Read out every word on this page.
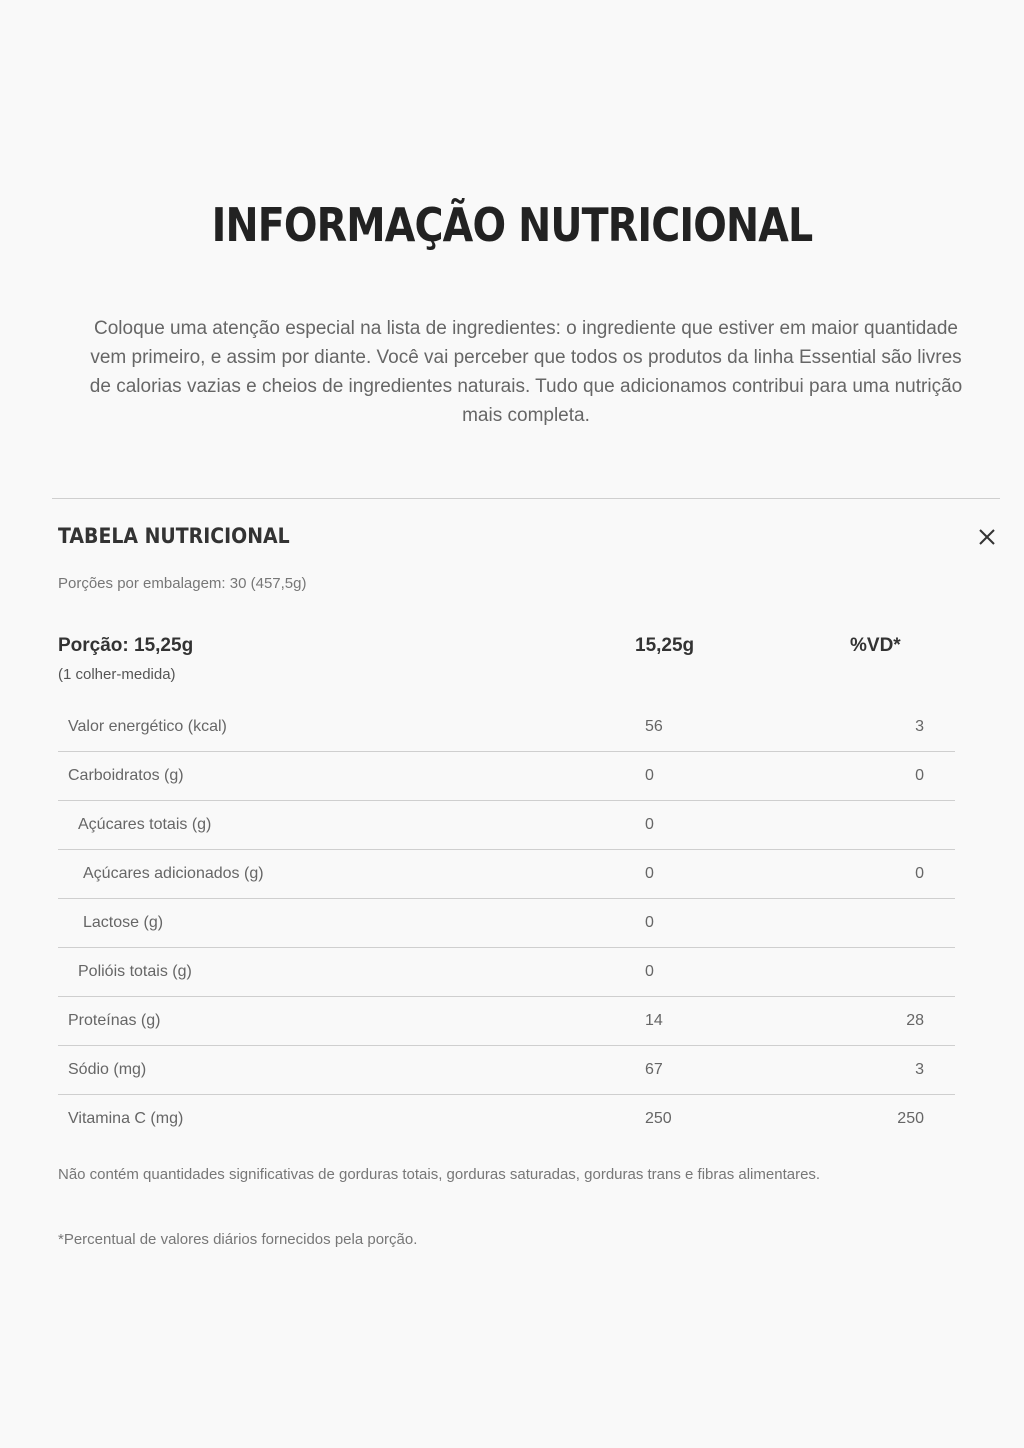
INFORMAÇÃO NUTRICIONAL

Coloque uma atenção especial na lista de ingredientes: o ingrediente que estiver em maior quantidade vem primeiro, e assim por diante. Você vai perceber que todos os produtos da linha Essential são livres de calorias vazias e cheios de ingredientes naturais. Tudo que adicionamos contribui para uma nutrição mais completa.

TABELA NUTRICIONAL
Porções por embalagem: 30 (457,5g)
Porção: 15,25g
(1 colher-medida)
15,25g	%VD*
Valor energético (kcal)	56	3
Carboidratos (g)	0	0
Açúcares totais (g)	0
Açúcares adicionados (g)	0	0
Lactose (g)	0
Polióis totais (g)	0
Proteínas (g)	14	28
Sódio (mg)	67	3
Vitamina C (mg)	250	250

Não contém quantidades significativas de gorduras totais, gorduras saturadas, gorduras trans e fibras alimentares.

*Percentual de valores diários fornecidos pela porção.
